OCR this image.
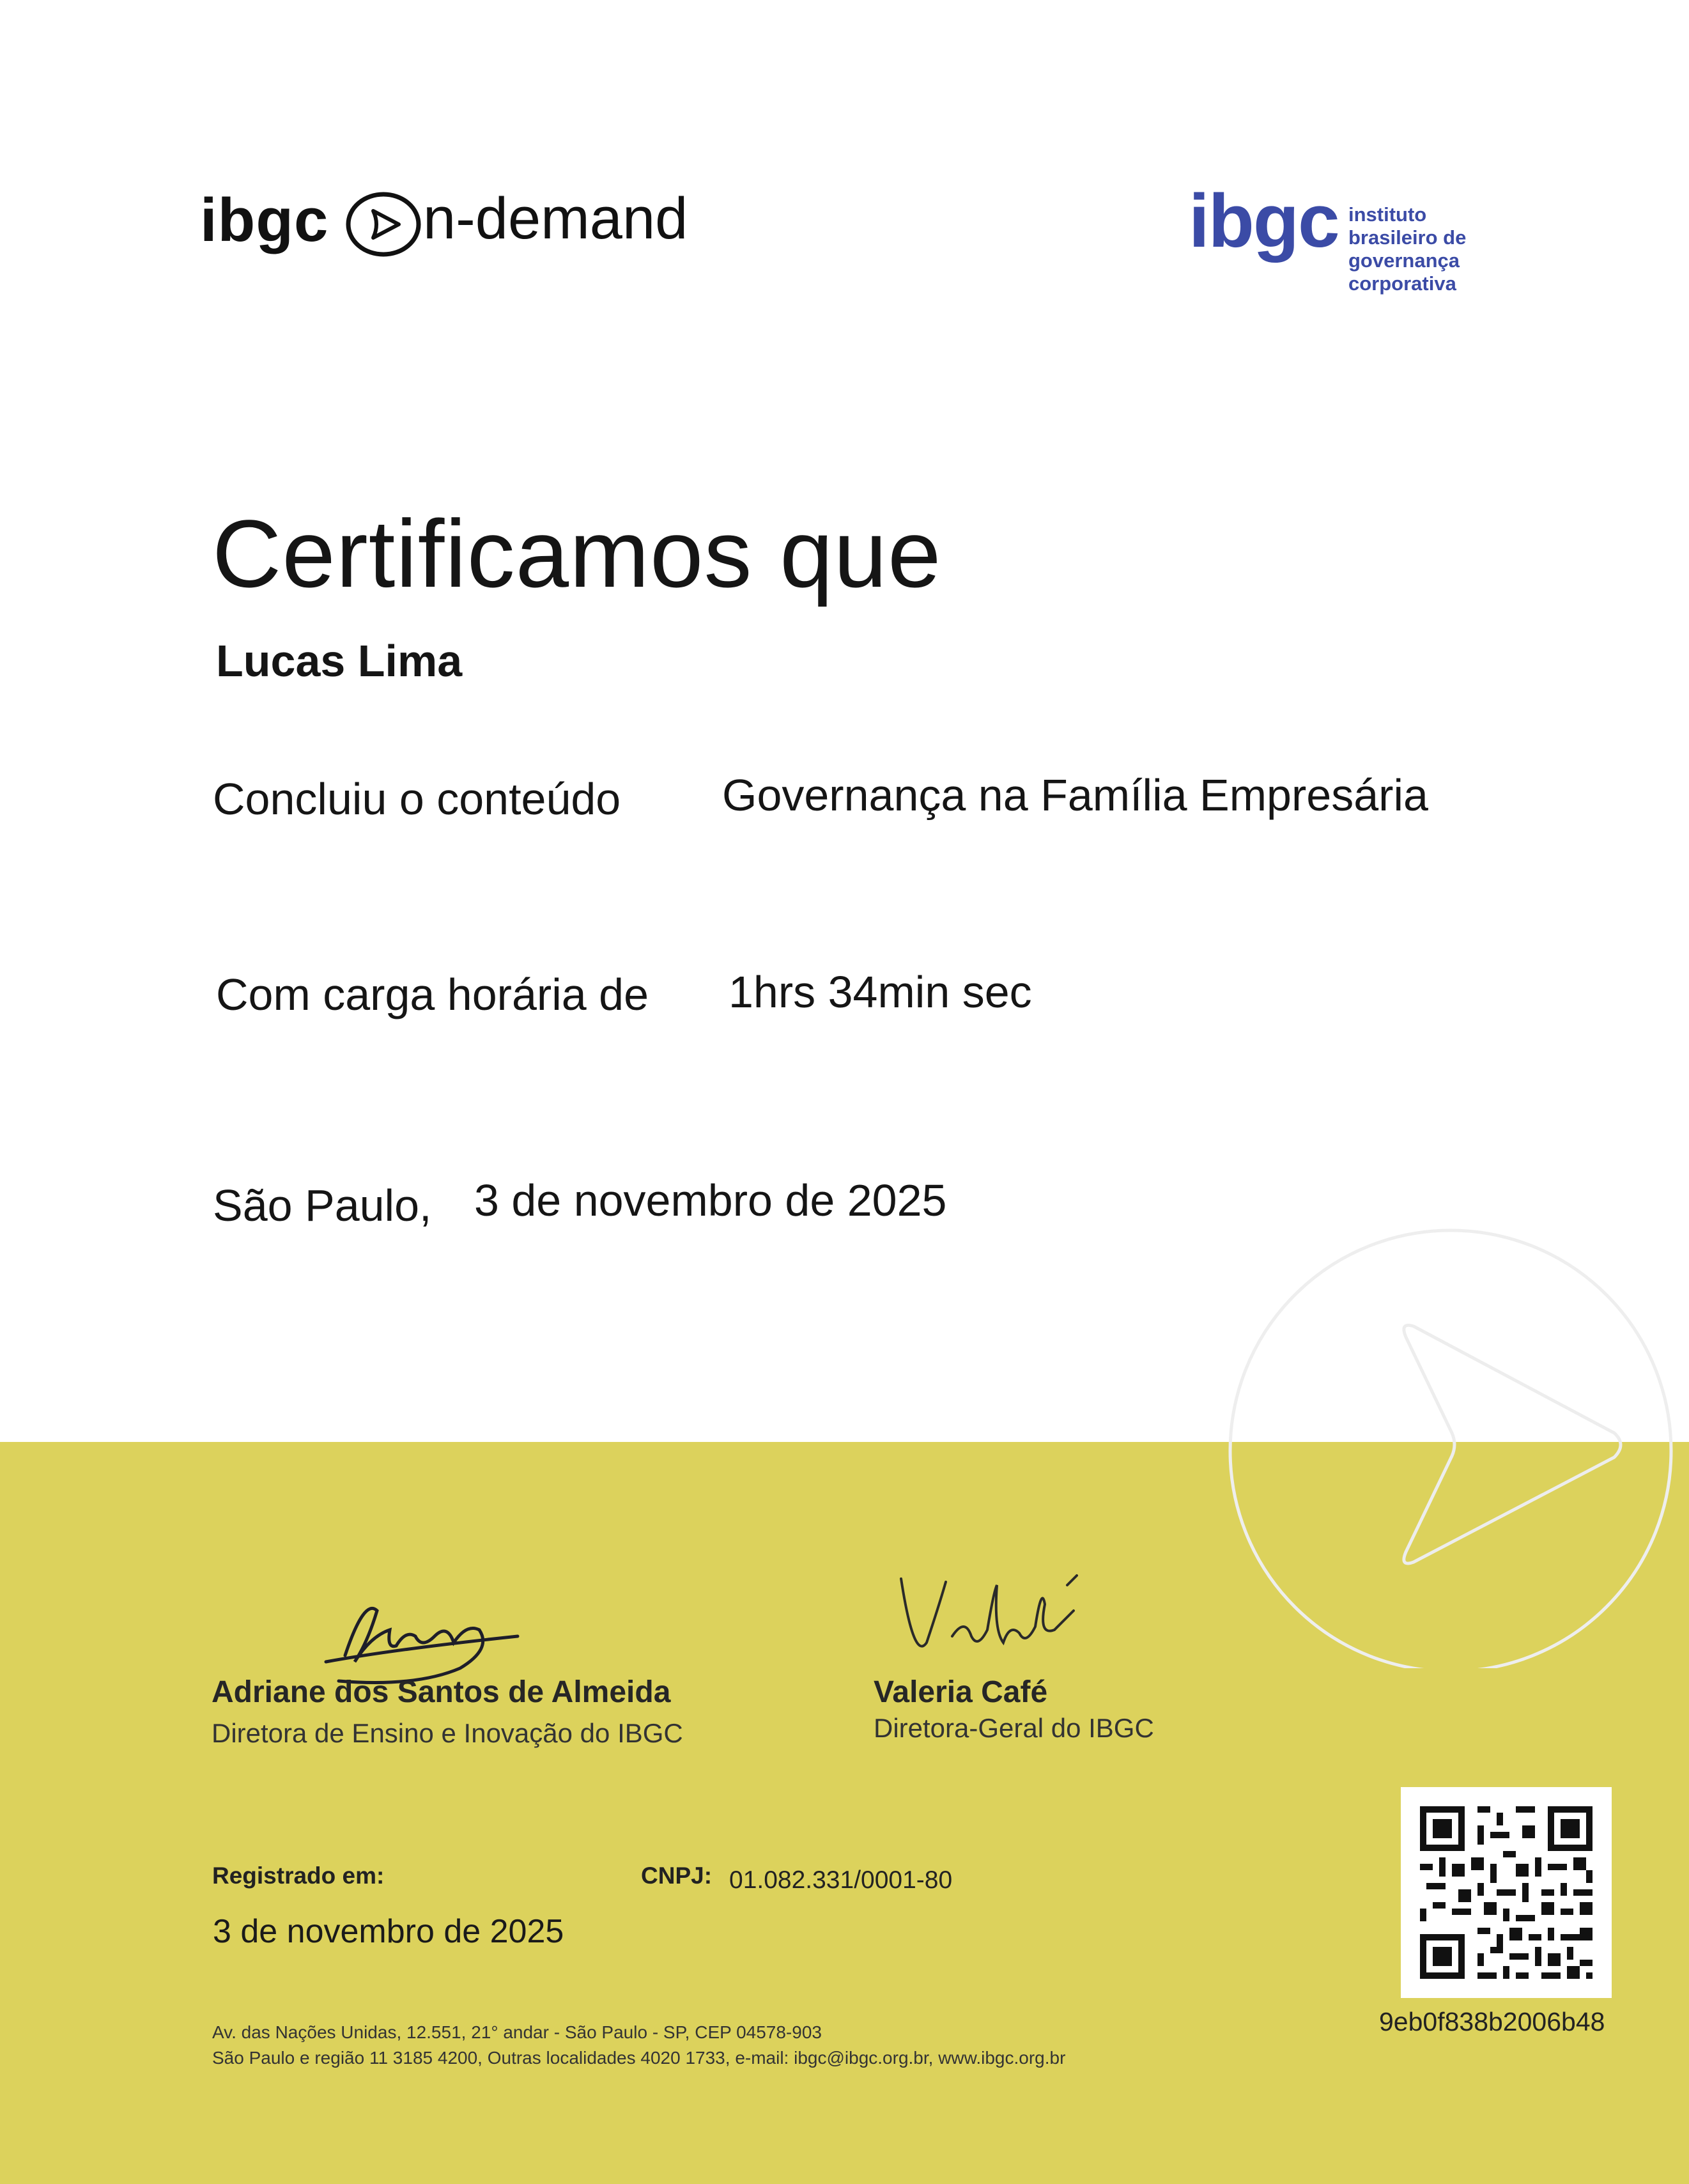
ibgc n-demand	ibgc instituto
brasileiro de
governança
corporativa
Certificamos que
Lucas Lima
Concluiu o conteúdo Governança na Família Empresária
Com carga horária de 1hrs 34min sec
São Paulo, 3 de novembro de 2025
Adriane dos Santos de Almeida
Diretora de Ensino e Inovação do IBGC
Valeria Café
Diretora-Geral do IBGC
Registrado em:
3 de novembro de 2025
CNPJ: 01.082.331/0001-80
Av. das Nações Unidas, 12.551, 21° andar - São Paulo - SP, CEP 04578-903
São Paulo e região 11 3185 4200, Outras localidades 4020 1733, e-mail: ibgc@ibgc.org.br, www.ibgc.org.br
9eb0f838b2006b48
